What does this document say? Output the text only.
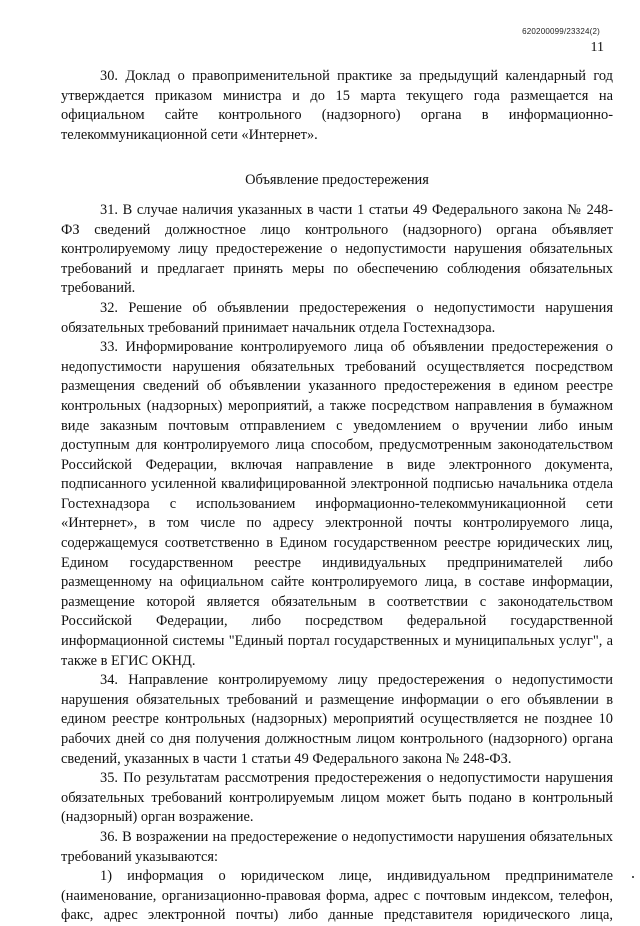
620200099/23324(2)
11

30. Доклад о правоприменительной практике за предыдущий календарный год утверждается приказом министра и до 15 марта текущего года размещается на официальном сайте контрольного (надзорного) органа в информационно-телекоммуникационной сети «Интернет».

Объявление предостережения

31. В случае наличия указанных в части 1 статьи 49 Федерального закона № 248-ФЗ сведений должностное лицо контрольного (надзорного) органа объявляет контролируемому лицу предостережение о недопустимости нарушения обязательных требований и предлагает принять меры по обеспечению соблюдения обязательных требований.

32. Решение об объявлении предостережения о недопустимости нарушения обязательных требований принимает начальник отдела Гостехнадзора.

33. Информирование контролируемого лица об объявлении предостережения о недопустимости нарушения обязательных требований осуществляется посредством размещения сведений об объявлении указанного предостережения в едином реестре контрольных (надзорных) мероприятий, а также посредством направления в бумажном виде заказным почтовым отправлением с уведомлением о вручении либо иным доступным для контролируемого лица способом, предусмотренным законодательством Российской Федерации, включая направление в виде электронного документа, подписанного усиленной квалифицированной электронной подписью начальника отдела Гостехнадзора с использованием информационно-телекоммуникационной сети «Интернет», в том числе по адресу электронной почты контролируемого лица, содержащемуся соответственно в Едином государственном реестре юридических лиц, Едином государственном реестре индивидуальных предпринимателей либо размещенному на официальном сайте контролируемого лица, в составе информации, размещение которой является обязательным в соответствии с законодательством Российской Федерации, либо посредством федеральной государственной информационной системы "Единый портал государственных и муниципальных услуг", а также в ЕГИС ОКНД.

34. Направление контролируемому лицу предостережения о недопустимости нарушения обязательных требований и размещение информации о его объявлении в едином реестре контрольных (надзорных) мероприятий осуществляется не позднее 10 рабочих дней со дня получения должностным лицом контрольного (надзорного) органа сведений, указанных в части 1 статьи 49 Федерального закона № 248-ФЗ.

35. По результатам рассмотрения предостережения о недопустимости нарушения обязательных требований контролируемым лицом может быть подано в контрольный (надзорный) орган возражение.

36. В возражении на предостережение о недопустимости нарушения обязательных требований указываются:

1) информация о юридическом лице, индивидуальном предпринимателе (наименование, организационно-правовая форма, адрес с почтовым индексом, телефон, факс, адрес электронной почты) либо данные представителя юридического лица,
